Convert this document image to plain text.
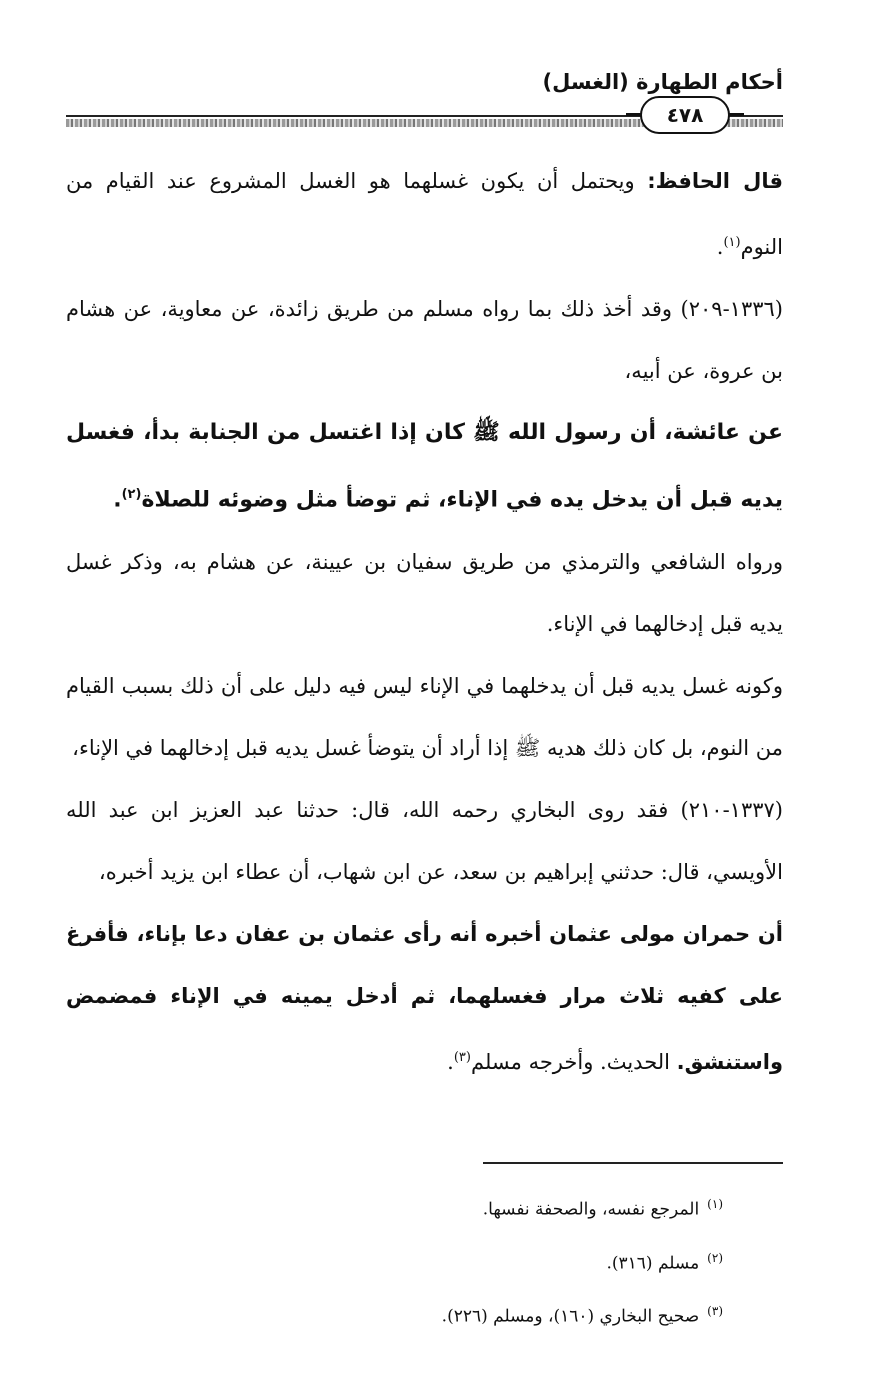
أحكام الطهارة (الغسل)
٤٧٨

قال الحافظ: ويحتمل أن يكون غسلهما هو الغسل المشروع عند القيام من النوم$^{(١)}$.

(١٣٣٦-٢٠٩) وقد أخذ ذلك بما رواه مسلم من طريق زائدة، عن معاوية، عن هشام بن عروة، عن أبيه،

عن عائشة، أن رسول الله ﷺ كان إذا اغتسل من الجنابة بدأ، فغسل يديه قبل أن يدخل يده في الإناء، ثم توضأ مثل وضوئه للصلاة$^{(٢)}$.

ورواه الشافعي والترمذي من طريق سفيان بن عيينة، عن هشام به، وذكر غسل يديه قبل إدخالهما في الإناء.

وكونه غسل يديه قبل أن يدخلهما في الإناء ليس فيه دليل على أن ذلك بسبب القيام من النوم، بل كان ذلك هديه ﷺ إذا أراد أن يتوضأ غسل يديه قبل إدخالهما في الإناء،

(١٣٣٧-٢١٠) فقد روى البخاري رحمه الله، قال: حدثنا عبد العزيز ابن عبد الله الأويسي، قال: حدثني إبراهيم بن سعد، عن ابن شهاب، أن عطاء ابن يزيد أخبره،

أن حمران مولى عثمان أخبره أنه رأى عثمان بن عفان دعا بإناء، فأفرغ على كفيه ثلاث مرار فغسلهما، ثم أدخل يمينه في الإناء فمضمض واستنشق. الحديث. وأخرجه مسلم$^{(٣)}$.

$^{(١)}$المرجع نفسه، والصحفة نفسها.
$^{(٢)}$مسلم (٣١٦).
$^{(٣)}$صحيح البخاري (١٦٠)، ومسلم (٢٢٦).
